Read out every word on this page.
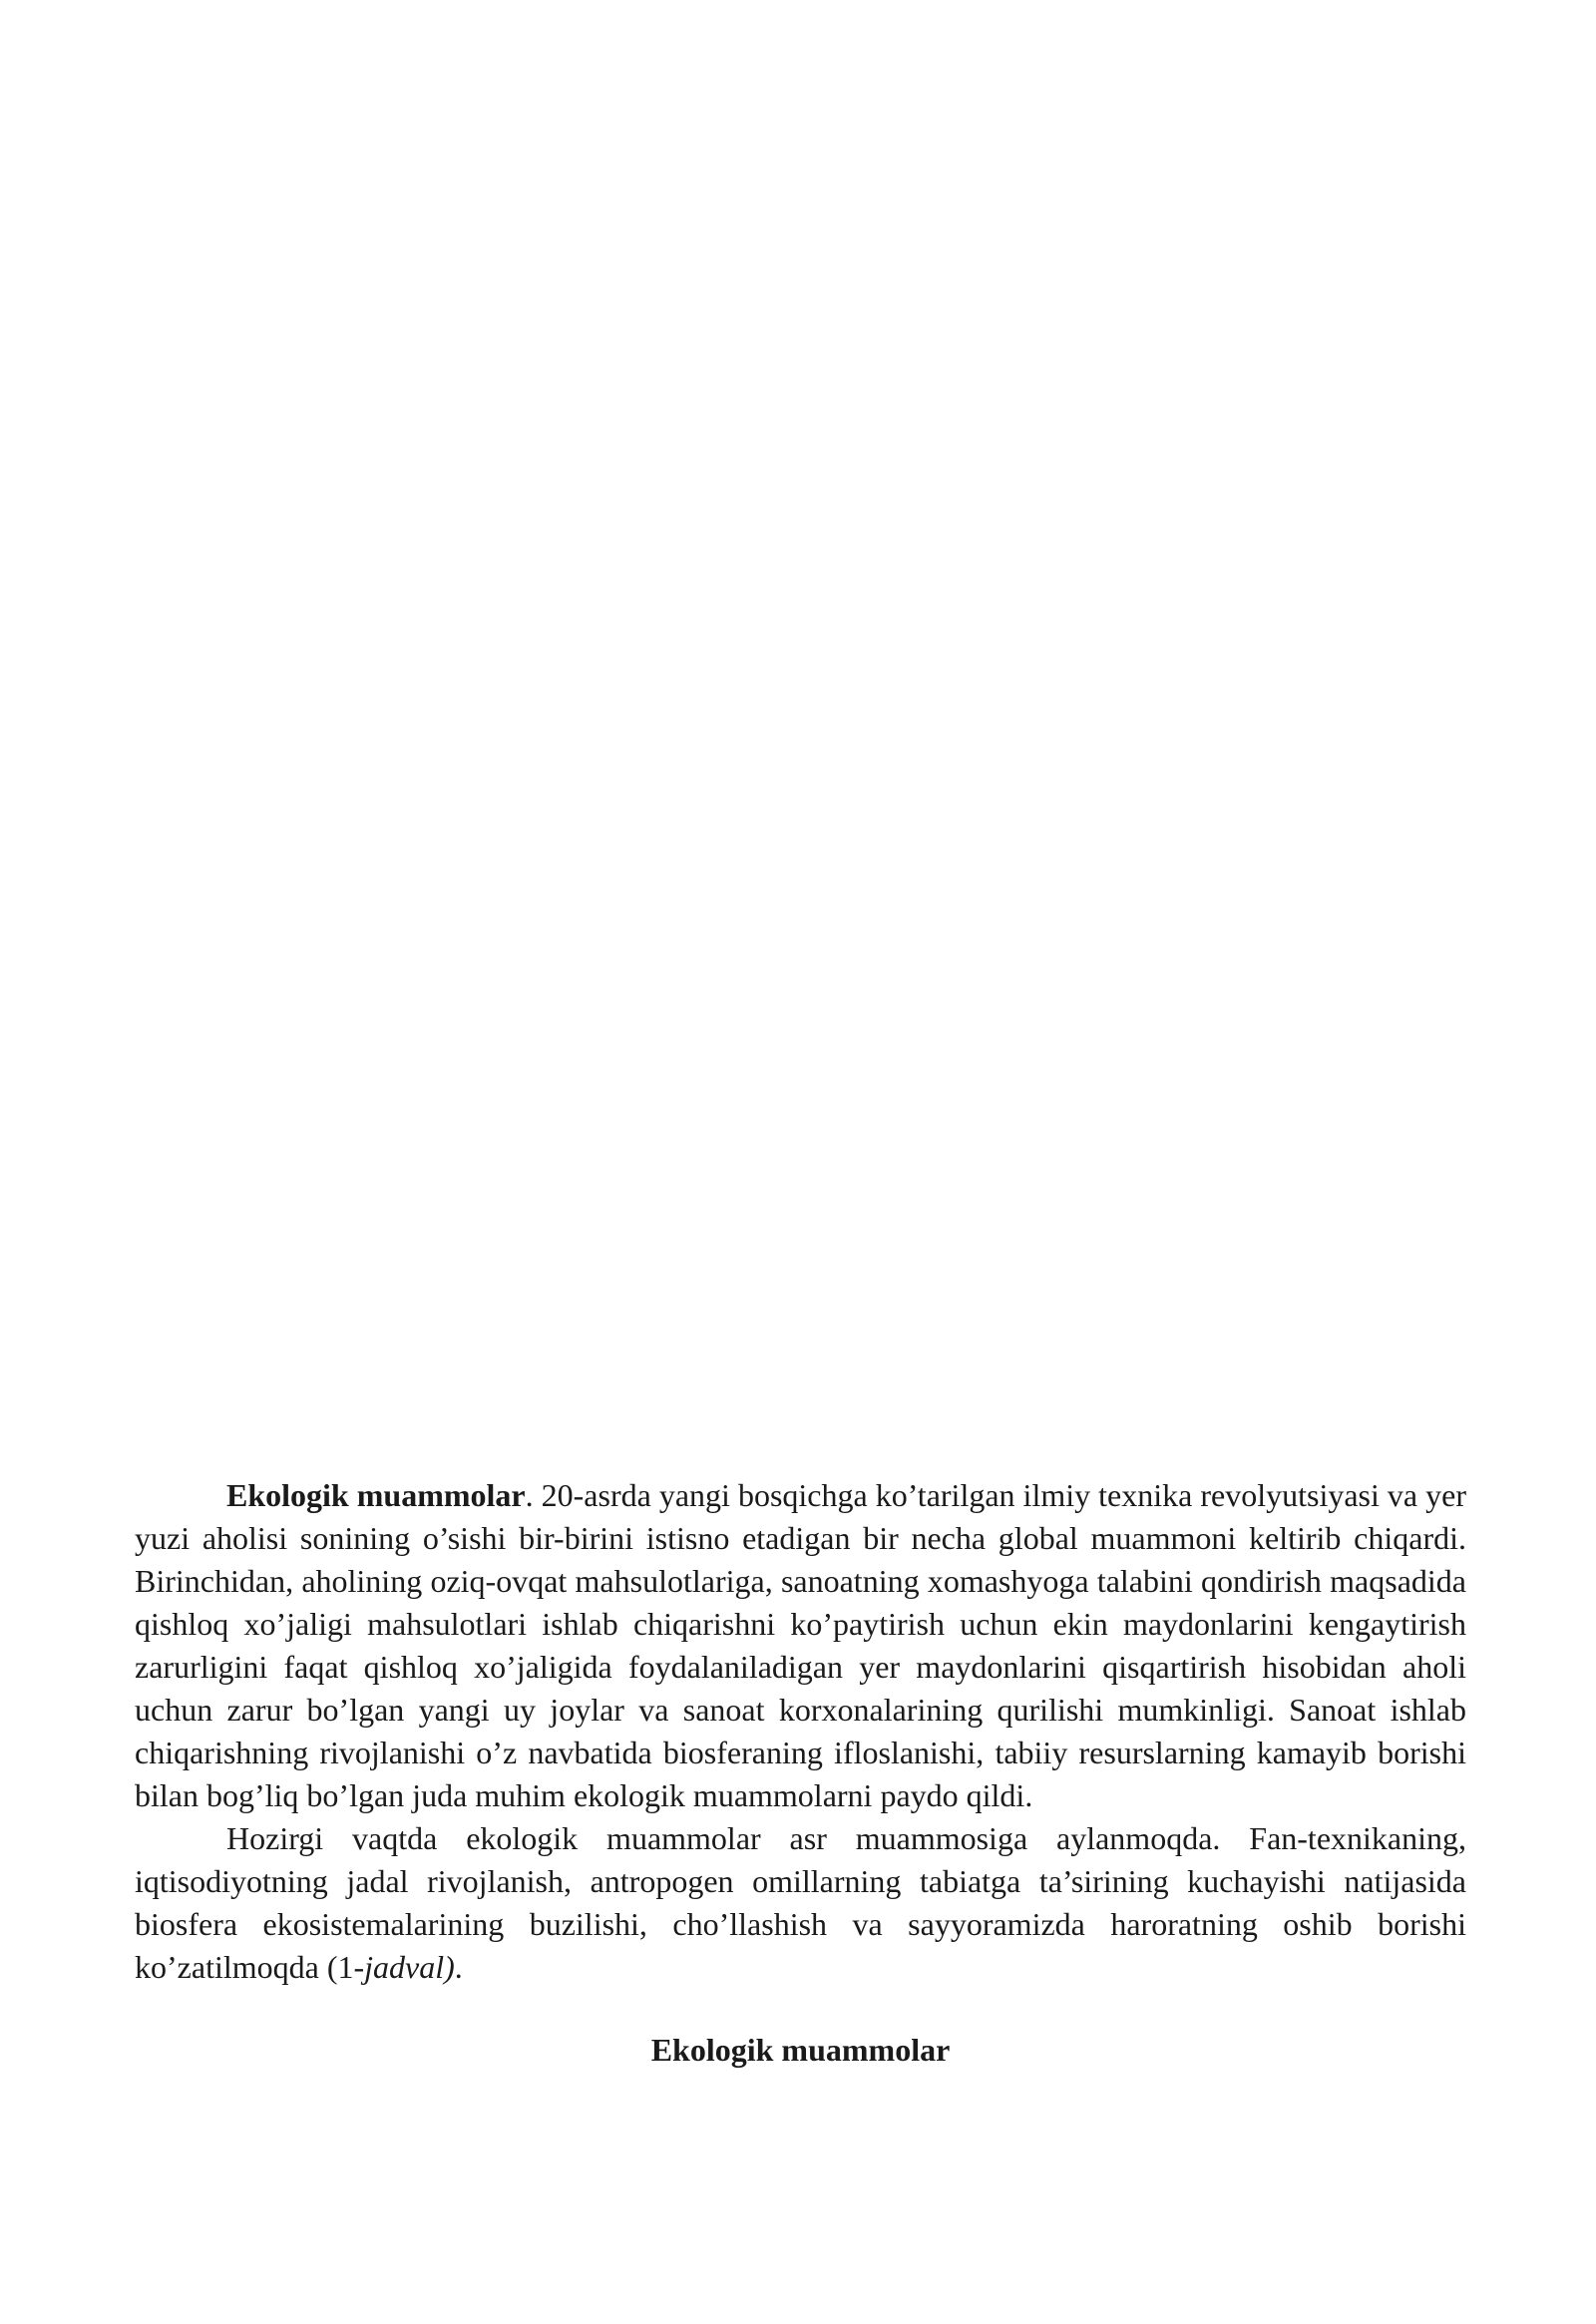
Ekologik muammolar. 20-asrda yangi bosqichga ko’tarilgan ilmiy texnika revolyutsiyasi va yer yuzi aholisi sonining o’sishi bir-birini istisno etadigan bir necha global muammoni keltirib chiqardi. Birinchidan, aholining oziq-ovqat mahsulotlariga, sanoatning xomashyoga talabini qondirish maqsadida qishloq xo’jaligi mahsulotlari ishlab chiqarishni ko’paytirish uchun ekin maydonlarini kengaytirish zarurligini faqat qishloq xo’jaligida foydalaniladigan yer maydonlarini qisqartirish hisobidan aholi uchun zarur bo’lgan yangi uy joylar va sanoat korxonalarining qurilishi mumkinligi. Sanoat ishlab chiqarishning rivojlanishi o’z navbatida biosferaning ifloslanishi, tabiiy resurslarning kamayib borishi bilan bog’liq bo’lgan juda muhim ekologik muammolarni paydo qildi.

Hozirgi vaqtda ekologik muammolar asr muammosiga aylanmoqda. Fan-texnikaning, iqtisodiyotning jadal rivojlanish, antropogen omillarning tabiatga ta’sirining kuchayishi natijasida biosfera ekosistemalarining buzilishi, cho’llashish va sayyoramizda haroratning oshib borishi ko’zatilmoqda (1-jadval).

Ekologik muammolar
